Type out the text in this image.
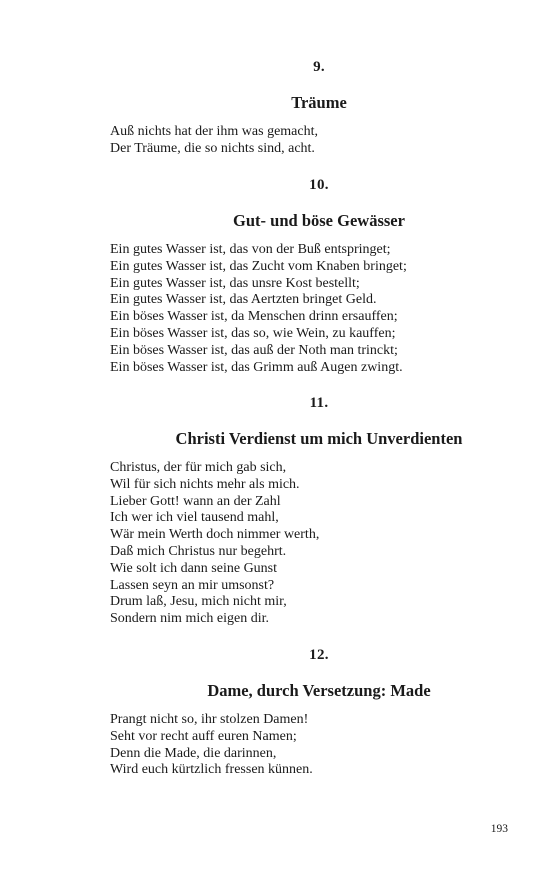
9.
Träume
Auß nichts hat der ihm was gemacht,
Der Träume, die so nichts sind, acht.
10.
Gut- und böse Gewässer
Ein gutes Wasser ist, das von der Buß entspringet;
Ein gutes Wasser ist, das Zucht vom Knaben bringet;
Ein gutes Wasser ist, das unsre Kost bestellt;
Ein gutes Wasser ist, das Aertzten bringet Geld.
Ein böses Wasser ist, da Menschen drinn ersauffen;
Ein böses Wasser ist, das so, wie Wein, zu kauffen;
Ein böses Wasser ist, das auß der Noth man trinckt;
Ein böses Wasser ist, das Grimm auß Augen zwingt.
11.
Christi Verdienst um mich Unverdienten
Christus, der für mich gab sich,
Wil für sich nichts mehr als mich.
Lieber Gott! wann an der Zahl
Ich wer ich viel tausend mahl,
Wär mein Werth doch nimmer werth,
Daß mich Christus nur begehrt.
Wie solt ich dann seine Gunst
Lassen seyn an mir umsonst?
Drum laß, Jesu, mich nicht mir,
Sondern nim mich eigen dir.
12.
Dame, durch Versetzung: Made
Prangt nicht so, ihr stolzen Damen!
Seht vor recht auff euren Namen;
Denn die Made, die darinnen,
Wird euch kürtzlich fressen künnen.
193
